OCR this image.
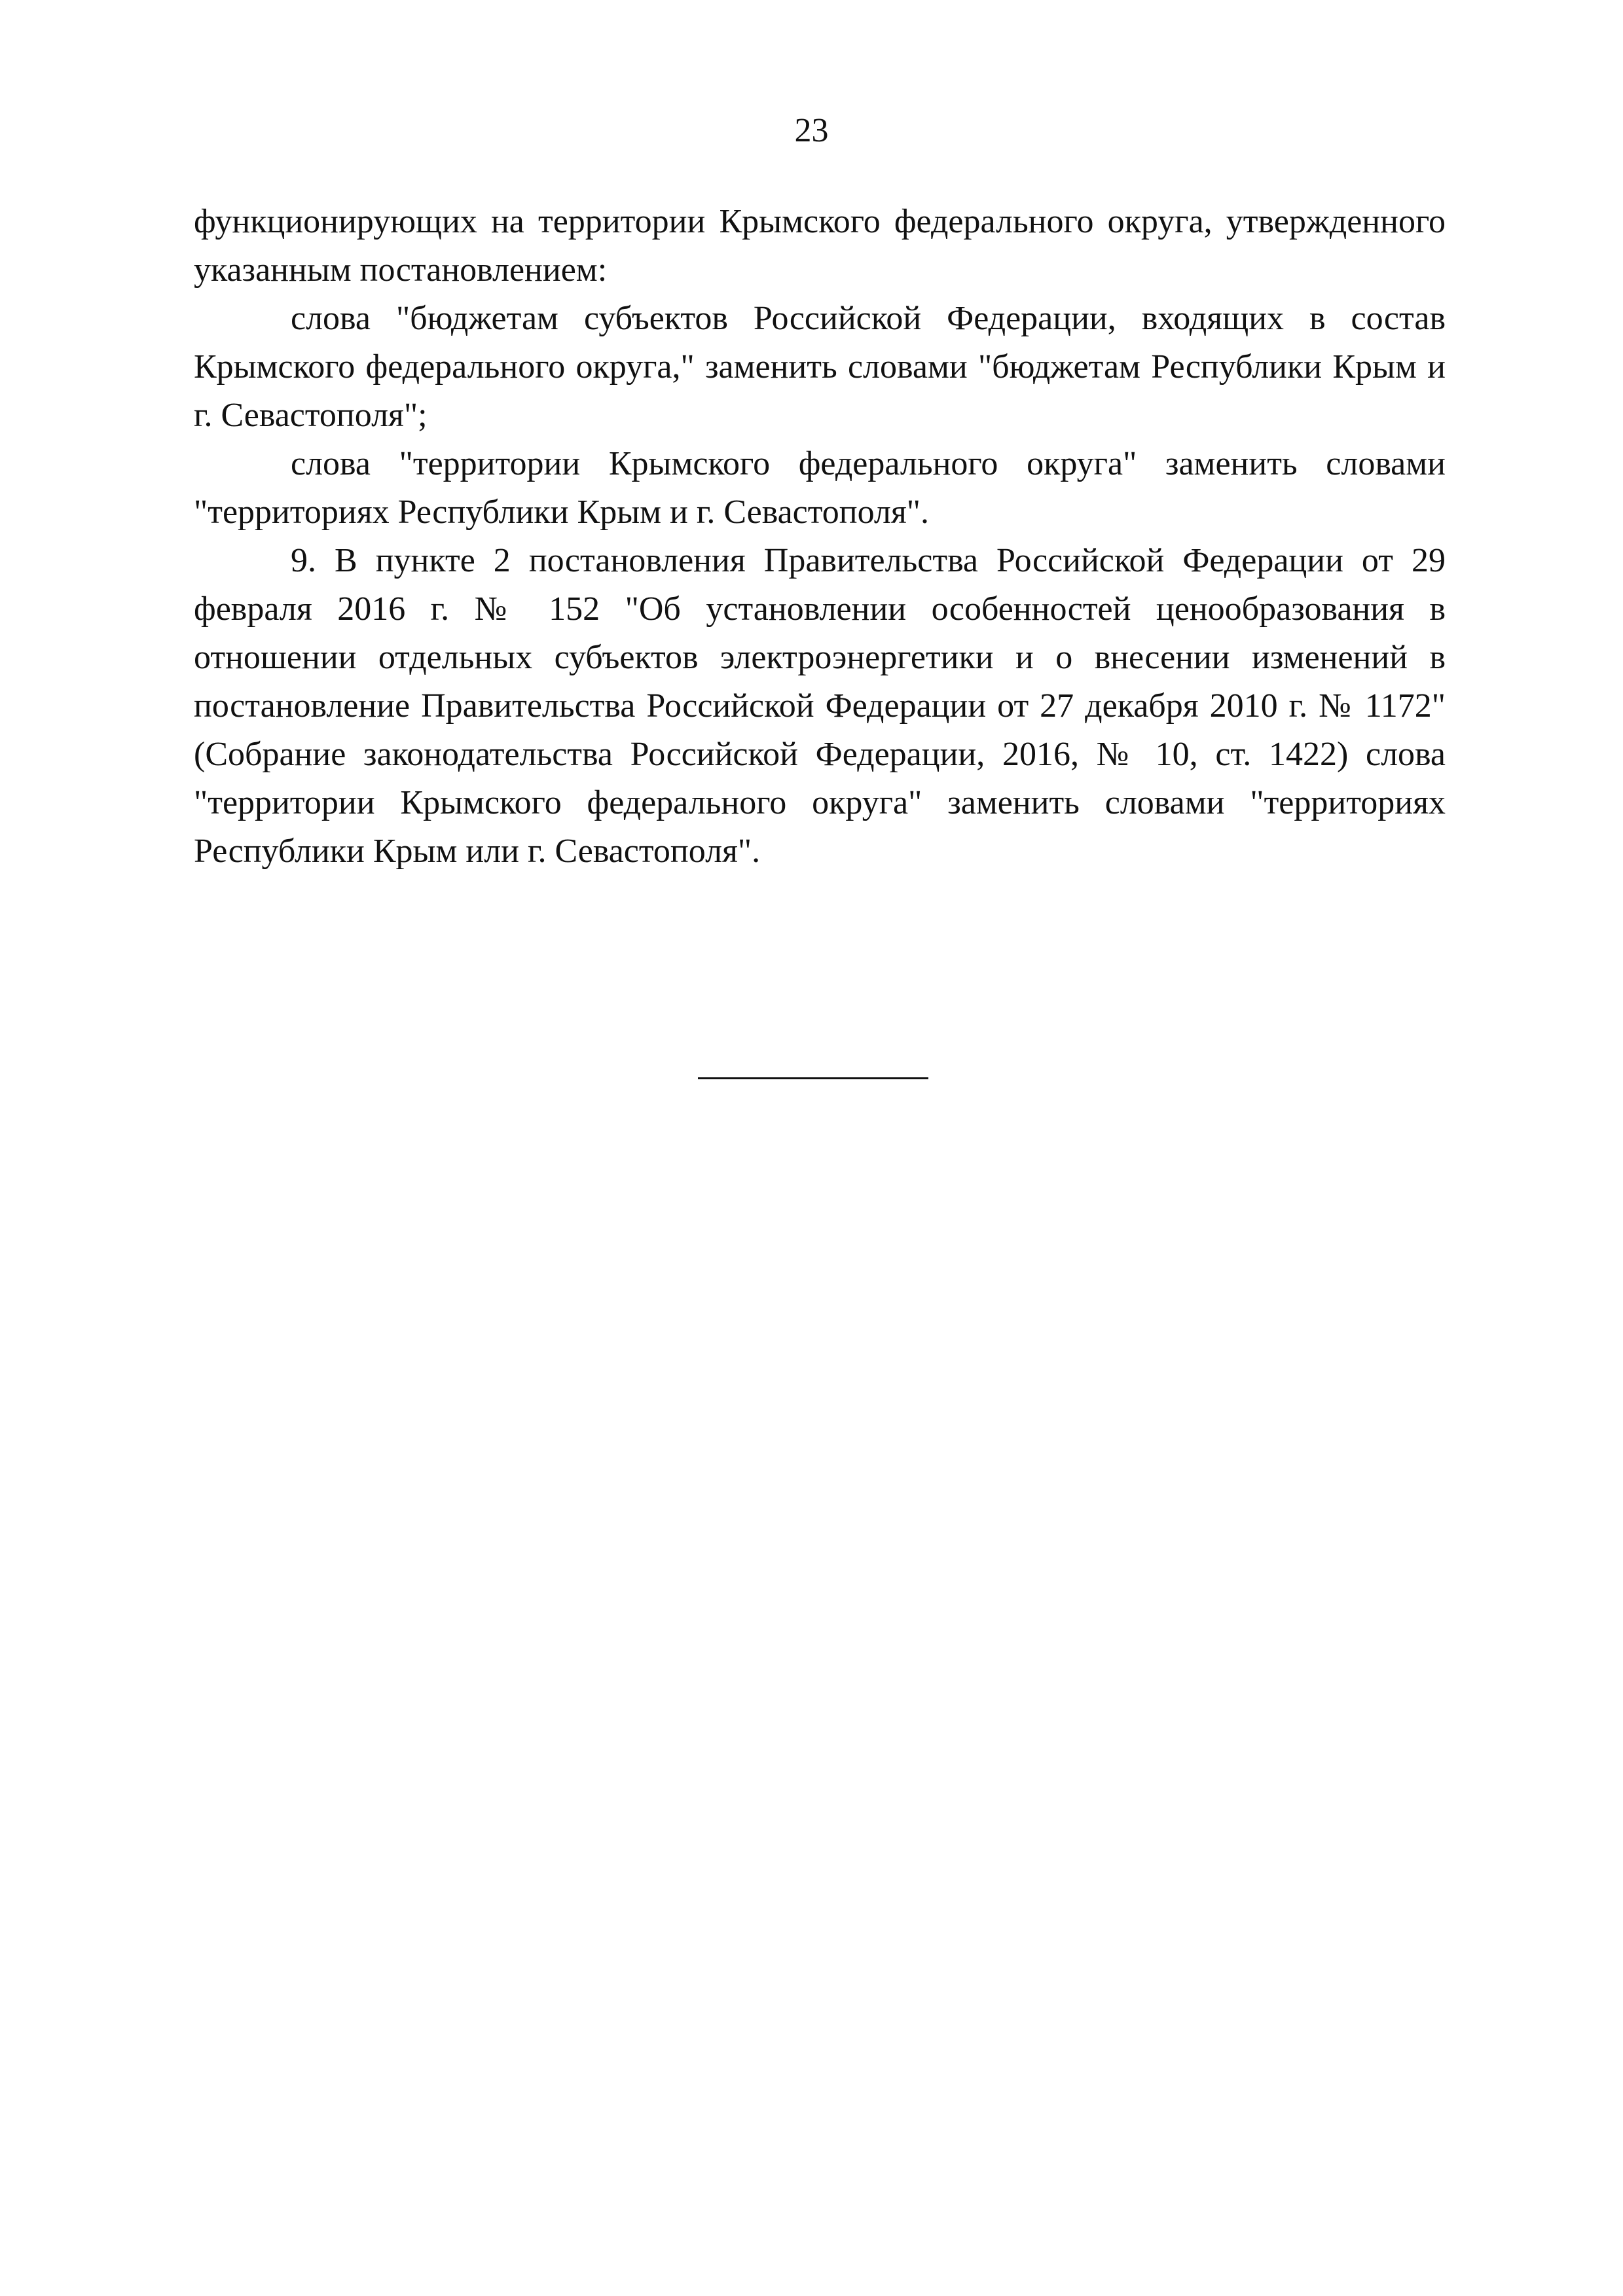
23

функционирующих на территории Крымского федерального округа, утвержденного указанным постановлением:

слова "бюджетам субъектов Российской Федерации, входящих в состав Крымского федерального округа," заменить словами "бюджетам Республики Крым и г. Севастополя";

слова "территории Крымского федерального округа" заменить словами "территориях Республики Крым и г. Севастополя".

9. В пункте 2 постановления Правительства Российской Федерации от 29 февраля 2016 г. № 152 "Об установлении особенностей ценообразования в отношении отдельных субъектов электроэнергетики и о внесении изменений в постановление Правительства Российской Федерации от 27 декабря 2010 г. № 1172" (Собрание законодательства Российской Федерации, 2016, № 10, ст. 1422) слова "территории Крымского федерального округа" заменить словами "территориях Республики Крым или г. Севастополя".
